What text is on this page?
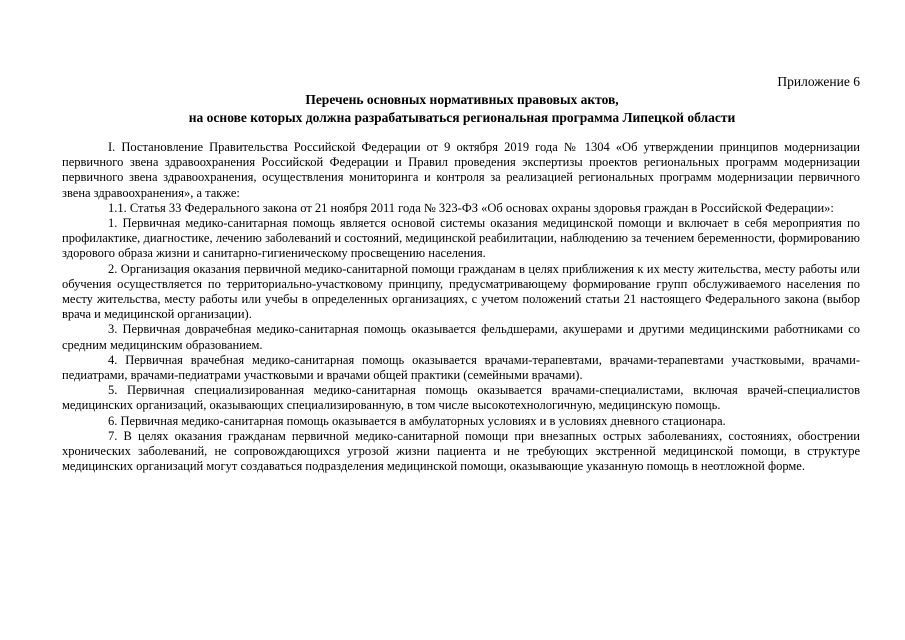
Приложение 6
Перечень основных нормативных правовых актов,
на основе которых должна разрабатываться региональная программа Липецкой области

I. Постановление Правительства Российской Федерации от 9 октября 2019 года № 1304 «Об утверждении принципов модернизации первичного звена здравоохранения Российской Федерации и Правил проведения экспертизы проектов региональных программ модернизации первичного звена здравоохранения, осуществления мониторинга и контроля за реализацией региональных программ модернизации первичного звена здравоохранения», а также:

1.1. Статья 33 Федерального закона от 21 ноября 2011 года № 323-ФЗ «Об основах охраны здоровья граждан в Российской Федерации»:

1. Первичная медико-санитарная помощь является основой системы оказания медицинской помощи и включает в себя мероприятия по профилактике, диагностике, лечению заболеваний и состояний, медицинской реабилитации, наблюдению за течением беременности, формированию здорового образа жизни и санитарно-гигиеническому просвещению населения.

2. Организация оказания первичной медико-санитарной помощи гражданам в целях приближения к их месту жительства, месту работы или обучения осуществляется по территориально-участковому принципу, предусматривающему формирование групп обслуживаемого населения по месту жительства, месту работы или учебы в определенных организациях, с учетом положений статьи 21 настоящего Федерального закона (выбор врача и медицинской организации).

3. Первичная доврачебная медико-санитарная помощь оказывается фельдшерами, акушерами и другими медицинскими работниками со средним медицинским образованием.

4. Первичная врачебная медико-санитарная помощь оказывается врачами-терапевтами, врачами-терапевтами участковыми, врачами-педиатрами, врачами-педиатрами участковыми и врачами общей практики (семейными врачами).

5. Первичная специализированная медико-санитарная помощь оказывается врачами-специалистами, включая врачей-специалистов медицинских организаций, оказывающих специализированную, в том числе высокотехнологичную, медицинскую помощь.

6. Первичная медико-санитарная помощь оказывается в амбулаторных условиях и в условиях дневного стационара.

7. В целях оказания гражданам первичной медико-санитарной помощи при внезапных острых заболеваниях, состояниях, обострении хронических заболеваний, не сопровождающихся угрозой жизни пациента и не требующих экстренной медицинской помощи, в структуре медицинских организаций могут создаваться подразделения медицинской помощи, оказывающие указанную помощь в неотложной форме.
